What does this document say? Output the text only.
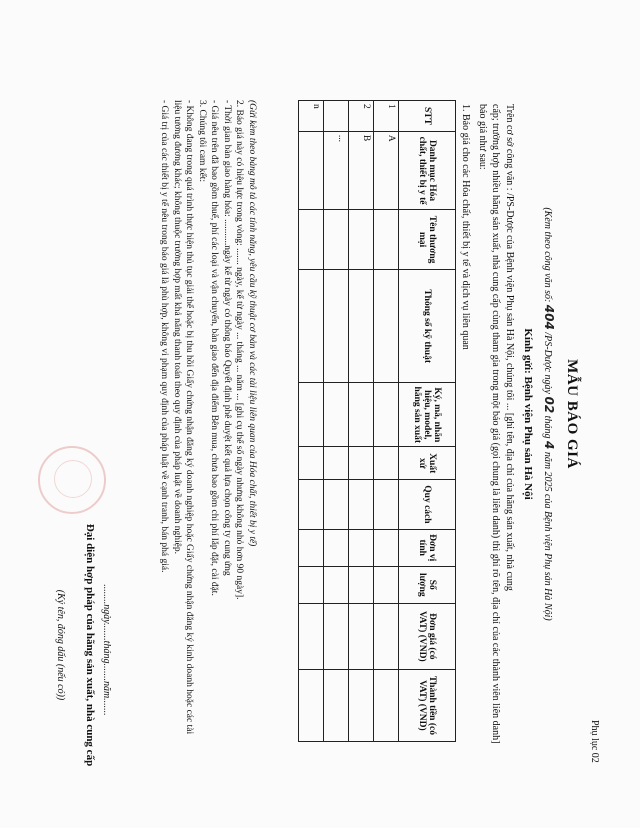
Phụ lục 02
MẪU BÁO GIÁ
(Kèm theo công văn số: 404 /PS-Dược ngày 02 tháng 4 năm 2025 của Bệnh viện Phụ sản Hà Nội)
Kính gửi: Bệnh viện Phụ sản Hà Nội
Trên cơ sở công văn : /PS-Dược của Bệnh viện Phụ sản Hà Nội, chúng tôi ... [ghi tên, địa chỉ của hãng sản xuất, nhà cung
cấp; trường hợp nhiều hãng sản xuất, nhà cung cấp cùng tham gia trong một báo giá (gọi chung là liên danh) thì ghi rõ tên, địa chỉ của các thành viên liên danh] báo giá như sau:
1. Báo giá cho các Hóa chất, thiết bị y tế và dịch vụ liên quan
STT	Danh mục Hóa chất, thiết bị y tế	Tên thương mại	Thông số kỹ thuật	Ký, mã, nhãn hiệu, model, hãng sản xuất	Xuất xứ	Quy cách	Đơn vị tính	Số lượng	Đơn giá (có VAT) (VND)	Thành tiền (có VAT) (VND)
1	A									
2	B									
	...									
n										
(Gửi kèm theo bảng mô tả các tính năng, yêu cầu kỹ thuật cơ bản và các tài liệu liên quan của Hóa chất, thiết bị y tế)
2. Báo giá này có hiệu lực trong vòng: ....... ngày, kể từ ngày ... tháng ... năm ... [ghi cụ thể số ngày nhưng không nhỏ hơn 90 ngày].
- Thời gian bàn giao hàng hóa: ...........ngày kể từ ngày có thông báo Quyết định phê duyệt kết quả lựa chọn công ty cung ứng
- Giá nêu trên đã bao gồm thuế, phí các loại và vận chuyển, bàn giao đến địa điểm Bên mua, chưa bao gồm chi phí lắp đặt, cài đặt.
3. Chúng tôi cam kết:
- Không đang trong quá trình thực hiện thủ tục giải thể hoặc bị thu hồi Giấy chứng nhận đăng ký doanh nghiệp hoặc Giấy chứng nhận đăng ký kinh doanh hoặc các tài liệu tương đương khác; không thuộc trường hợp mất khả năng thanh toán theo quy định của pháp luật về doanh nghiệp.
- Giá trị của các thiết bị y tế nêu trong báo giá là phù hợp, không vi phạm quy định của pháp luật về cạnh tranh, bán phá giá.
........ngày.......tháng.......năm.......
Đại diện hợp pháp của hãng sản xuất, nhà cung cấp
(Ký tên, đóng dấu (nếu có))
